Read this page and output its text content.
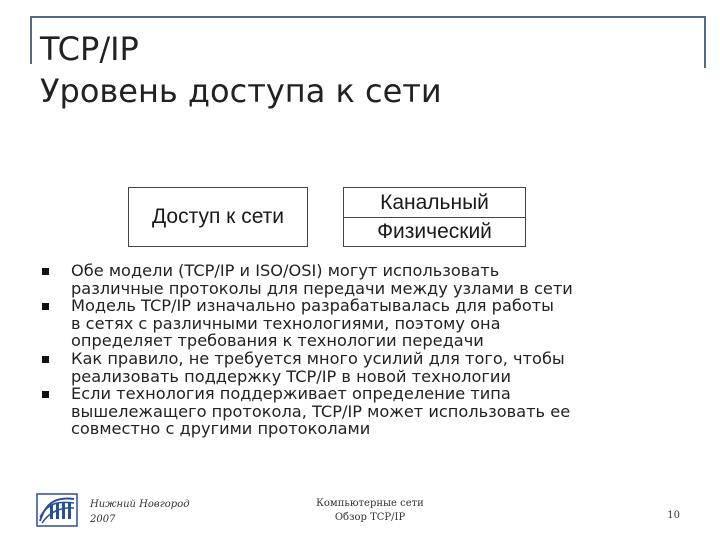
TCP/IP
Уровень доступа к сети
Доступ к сети
Канальный
Физический
Обе модели (TCP/IP и ISO/OSI) могут использовать
различные протоколы для передачи между узлами в сети
Модель TCP/IP изначально разрабатывалась для работы
в сетях с различными технологиями, поэтому она
определяет требования к технологии передачи
Как правило, не требуется много усилий для того, чтобы
реализовать поддержку TCP/IP в новой технологии
Если технология поддерживает определение типа
вышележащего протокола, TCP/IP может использовать ее
совместно с другими протоколами
Нижний Новгород
2007
Компьютерные сети
Обзор TCP/IP	10
